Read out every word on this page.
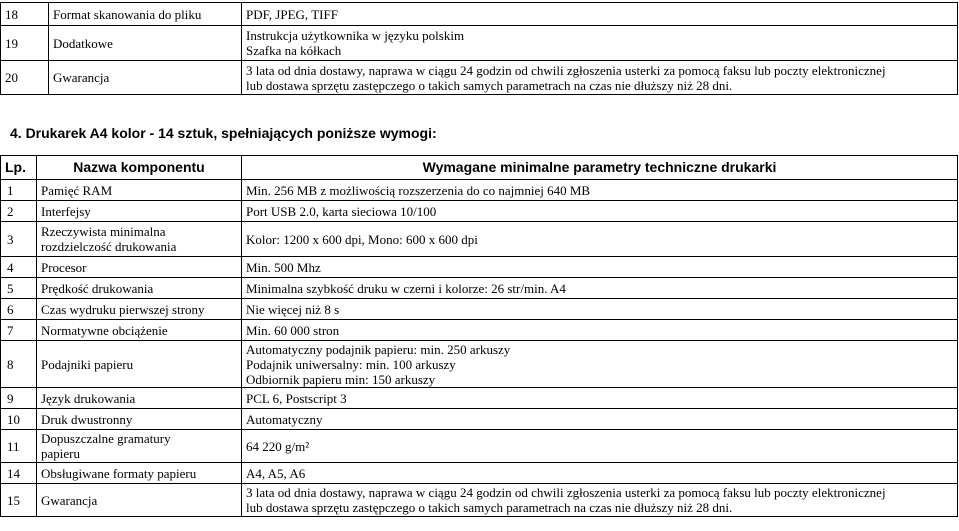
18	Format skanowania do pliku	PDF, JPEG, TIFF

19	Dodatkowe	Instrukcja użytkownika w języku polskim
Szafka na kółkach

20	Gwarancja	3 lata od dnia dostawy, naprawa w ciągu 24 godzin od chwili zgłoszenia usterki za pomocą faksu lub poczty elektronicznej
lub dostawa sprzętu zastępczego o takich samych parametrach na czas nie dłuższy niż 28 dni.
4. Drukarek A4 kolor - 14 sztuk, spełniających poniższe wymogi:
Lp.	Nazwa komponentu	Wymagane minimalne parametry techniczne drukarki
1	Pamięć RAM	Min. 256 MB z możliwością rozszerzenia do co najmniej 640 MB

2	Interfejsy	Port USB 2.0, karta sieciowa 10/100

3	Rzeczywista minimalna
rozdzielczość drukowania	Kolor: 1200 x 600 dpi, Mono: 600 x 600 dpi

4	Procesor	Min. 500 Mhz

5	Prędkość drukowania	Minimalna szybkość druku w czerni i kolorze: 26 str/min. A4

6	Czas wydruku pierwszej strony	Nie więcej niż 8 s

7	Normatywne obciążenie	Min. 60 000 stron

8	Podajniki papieru	Automatyczny podajnik papieru: min. 250 arkuszy
Podajnik uniwersalny: min. 100 arkuszy
Odbiornik papieru min: 150 arkuszy

9	Język drukowania	PCL 6, Postscript 3

10	Druk dwustronny	Automatyczny

11	Dopuszczalne gramatury
papieru	64 220 g/m²

14	Obsługiwane formaty papieru	A4, A5, A6

15	Gwarancja	3 lata od dnia dostawy, naprawa w ciągu 24 godzin od chwili zgłoszenia usterki za pomocą faksu lub poczty elektronicznej
lub dostawa sprzętu zastępczego o takich samych parametrach na czas nie dłuższy niż 28 dni.
